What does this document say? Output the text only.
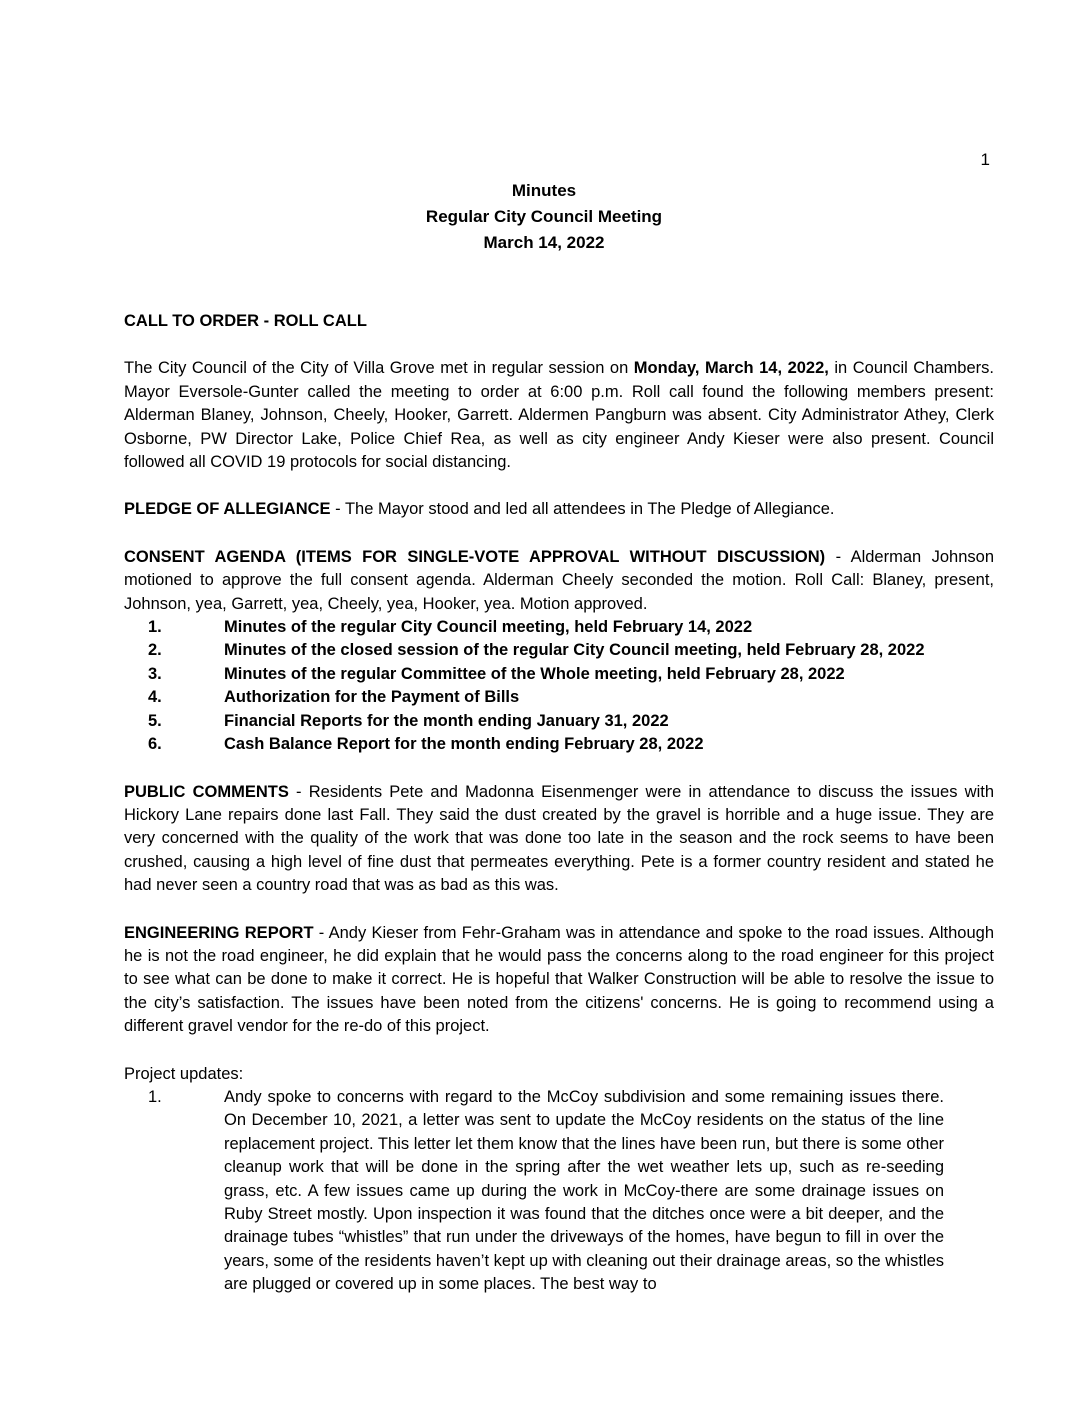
1
Minutes
Regular City Council Meeting
March 14, 2022

CALL TO ORDER - ROLL CALL

The City Council of the City of Villa Grove met in regular session on Monday, March 14, 2022, in Council Chambers. Mayor Eversole-Gunter called the meeting to order at 6:00 p.m. Roll call found the following members present: Alderman Blaney, Johnson, Cheely, Hooker, Garrett. Aldermen Pangburn was absent. City Administrator Athey, Clerk Osborne, PW Director Lake, Police Chief Rea, as well as city engineer Andy Kieser were also present. Council followed all COVID 19 protocols for social distancing.

PLEDGE OF ALLEGIANCE - The Mayor stood and led all attendees in The Pledge of Allegiance.

CONSENT AGENDA (ITEMS FOR SINGLE-VOTE APPROVAL WITHOUT DISCUSSION) - Alderman Johnson motioned to approve the full consent agenda. Alderman Cheely seconded the motion. Roll Call: Blaney, present, Johnson, yea, Garrett, yea, Cheely, yea, Hooker, yea. Motion approved.

1.	Minutes of the regular City Council meeting, held February 14, 2022
2.	Minutes of the closed session of the regular City Council meeting, held February 28, 2022
3.	Minutes of the regular Committee of the Whole meeting, held February 28, 2022
4.	Authorization for the Payment of Bills
5.	Financial Reports for the month ending January 31, 2022
6.	Cash Balance Report for the month ending February 28, 2022

PUBLIC COMMENTS - Residents Pete and Madonna Eisenmenger were in attendance to discuss the issues with Hickory Lane repairs done last Fall. They said the dust created by the gravel is horrible and a huge issue. They are very concerned with the quality of the work that was done too late in the season and the rock seems to have been crushed, causing a high level of fine dust that permeates everything. Pete is a former country resident and stated he had never seen a country road that was as bad as this was.

ENGINEERING REPORT - Andy Kieser from Fehr-Graham was in attendance and spoke to the road issues. Although he is not the road engineer, he did explain that he would pass the concerns along to the road engineer for this project to see what can be done to make it correct. He is hopeful that Walker Construction will be able to resolve the issue to the city’s satisfaction. The issues have been noted from the citizens' concerns. He is going to recommend using a different gravel vendor for the re-do of this project.

Project updates:

1.	Andy spoke to concerns with regard to the McCoy subdivision and some remaining issues there. On December 10, 2021, a letter was sent to update the McCoy residents on the status of the line replacement project. This letter let them know that the lines have been run, but there is some other cleanup work that will be done in the spring after the wet weather lets up, such as re-seeding grass, etc. A few issues came up during the work in McCoy-there are some drainage issues on Ruby Street mostly. Upon inspection it was found that the ditches once were a bit deeper, and the drainage tubes “whistles” that run under the driveways of the homes, have begun to fill in over the years, some of the residents haven’t kept up with cleaning out their drainage areas, so the whistles are plugged or covered up in some places. The best way to
